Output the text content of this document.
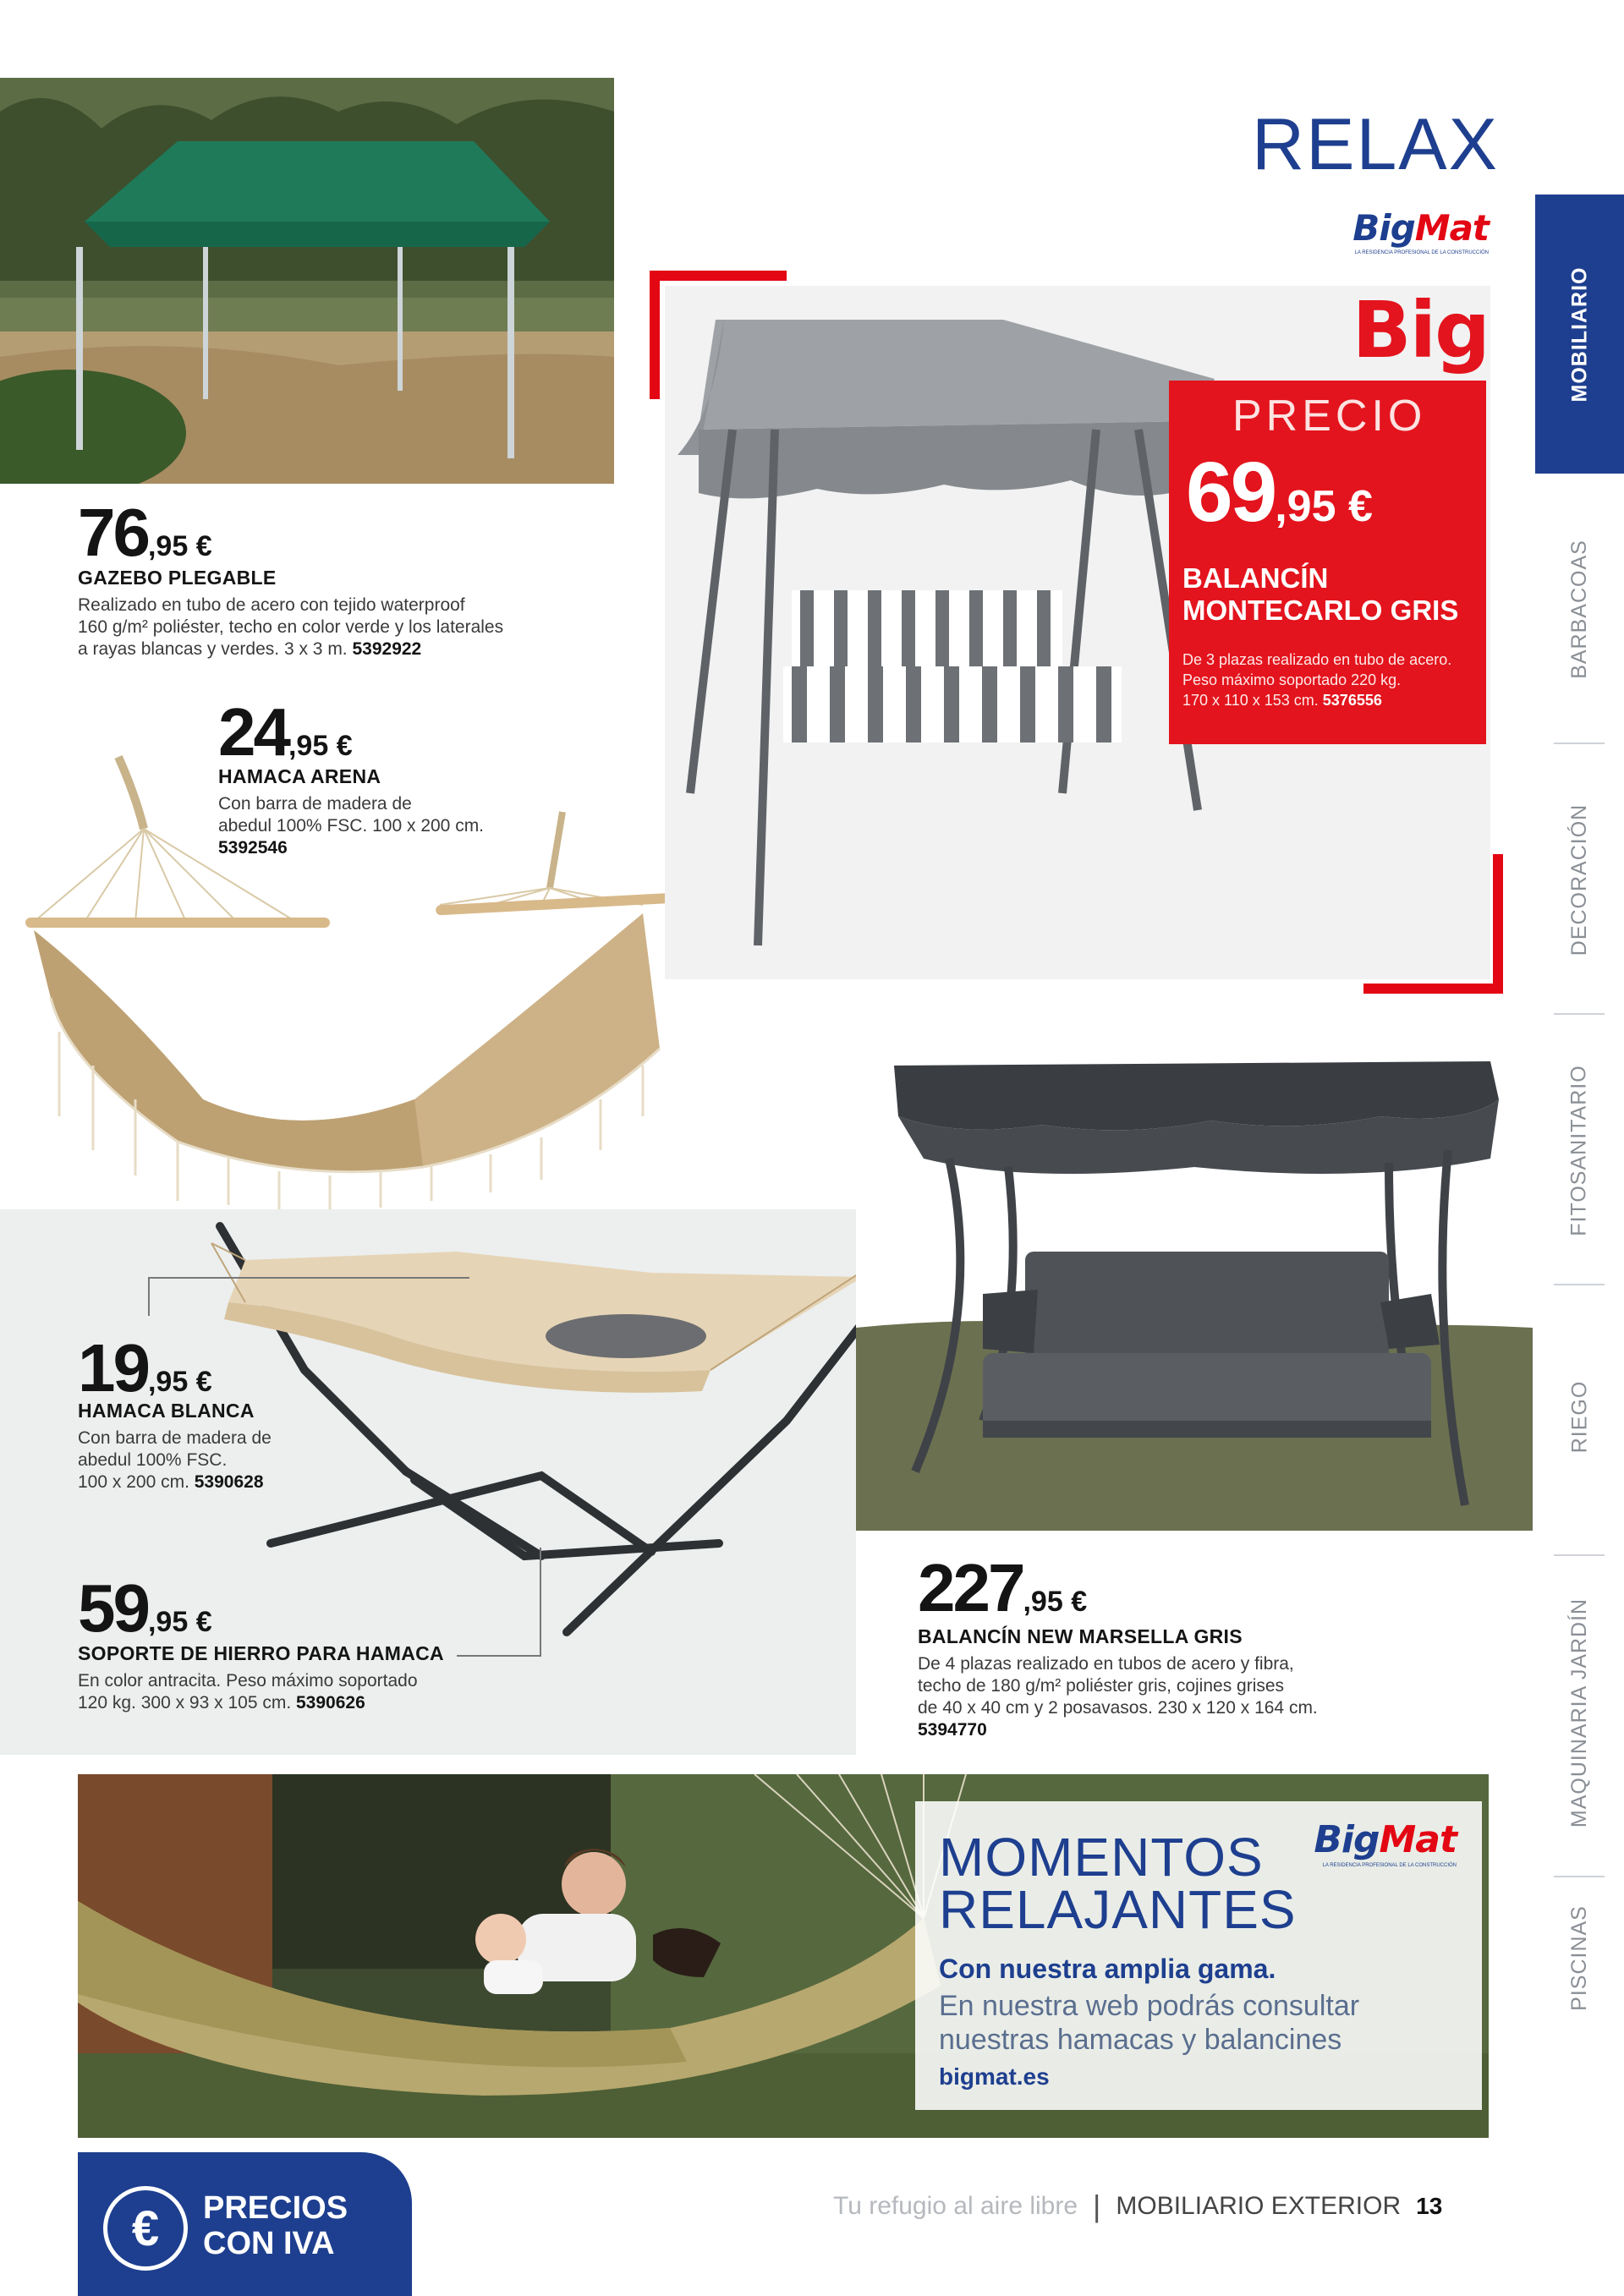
RELAX
BigMat
LA RESIDENCIA PROFESIONAL DE LA CONSTRUCCIÓN
MOBILIARIO
BARBACOAS
DECORACIÓN
FITOSANITARIO
RIEGO
MAQUINARIA JARDÍN
PISCINAS
76,95 €
GAZEBO PLEGABLE
Realizado en tubo de acero con tejido waterproof
160 g/m² poliéster, techo en color verde y los laterales
a rayas blancas y verdes. 3 x 3 m. 5392922
24,95 €
HAMACA ARENA
Con barra de madera de
abedul 100% FSC. 100 x 200 cm.
5392546
Big
PRECIO
69,95 €
BALANCÍN
MONTECARLO GRIS
De 3 plazas realizado en tubo de acero.
Peso máximo soportado 220 kg.
170 x 110 x 153 cm. 5376556
19,95 €
HAMACA BLANCA
Con barra de madera de
abedul 100% FSC.
100 x 200 cm. 5390628
59,95 €
SOPORTE DE HIERRO PARA HAMACA
En color antracita. Peso máximo soportado
120 kg. 300 x 93 x 105 cm. 5390626
227,95 €
BALANCÍN NEW MARSELLA GRIS
De 4 plazas realizado en tubos de acero y fibra,
techo de 180 g/m² poliéster gris, cojines grises
de 40 x 40 cm y 2 posavasos. 230 x 120 x 164 cm.
5394770
MOMENTOS
RELAJANTES
BigMat
LA RESIDENCIA PROFESIONAL DE LA CONSTRUCCIÓN
Con nuestra amplia gama.
En nuestra web podrás consultar
nuestras hamacas y balancines
bigmat.es
€	PRECIOS
CON IVA
Tu refugio al aire libre | MOBILIARIO EXTERIOR 13
